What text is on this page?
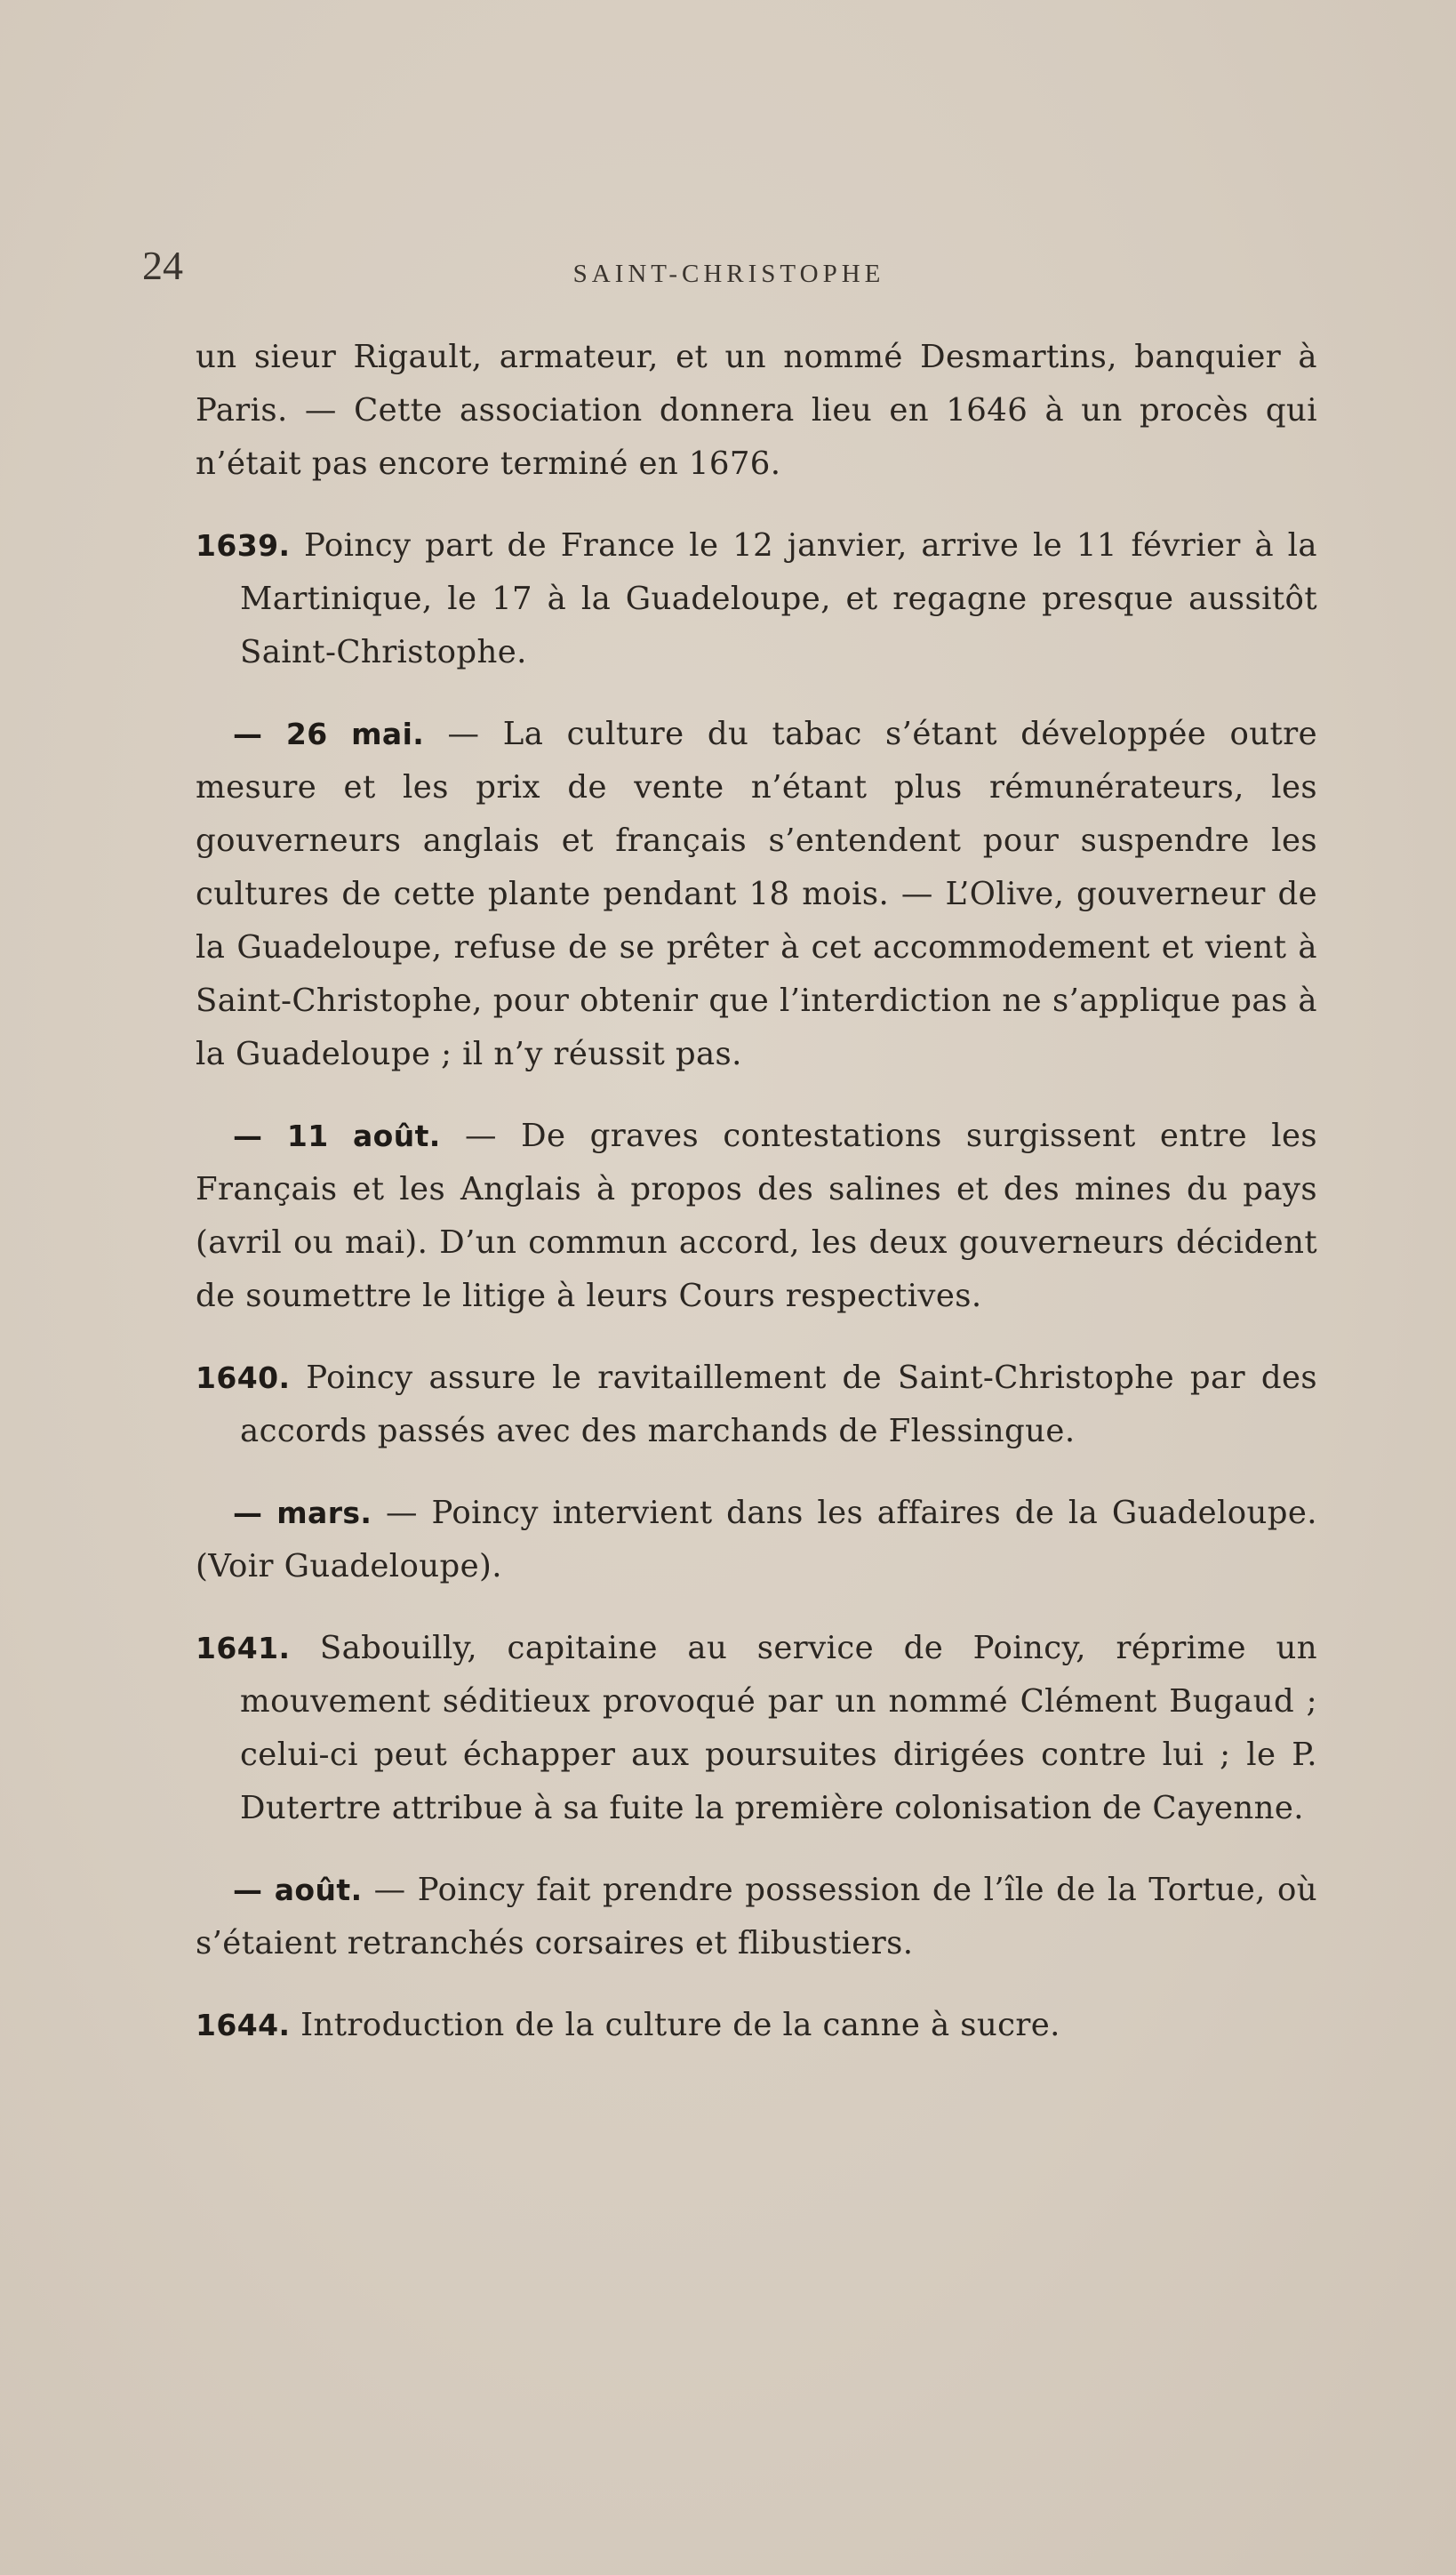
24	SAINT-CHRISTOPHE

un sieur Rigault, armateur, et un nommé Desmartins, banquier à Paris. — Cette association donnera lieu en 1646 à un procès qui n’était pas encore terminé en 1676.

1639. Poincy part de France le 12 janvier, arrive le 11 février à la Martinique, le 17 à la Guadeloupe, et regagne presque aussitôt Saint-Christophe.

— 26 mai. — La culture du tabac s’étant développée outre mesure et les prix de vente n’étant plus rémunérateurs, les gouverneurs anglais et français s’entendent pour suspendre les cultures de cette plante pendant 18 mois. — L’Olive, gouverneur de la Guadeloupe, refuse de se prêter à cet accommodement et vient à Saint-Christophe, pour obtenir que l’interdiction ne s’applique pas à la Guadeloupe ; il n’y réussit pas.

— 11 août. — De graves contestations surgissent entre les Français et les Anglais à propos des salines et des mines du pays (avril ou mai). D’un commun accord, les deux gouverneurs décident de soumettre le litige à leurs Cours respectives.

1640. Poincy assure le ravitaillement de Saint-Christophe par des accords passés avec des marchands de Flessingue.

— mars. — Poincy intervient dans les affaires de la Guadeloupe. (Voir Guadeloupe).

1641. Sabouilly, capitaine au service de Poincy, réprime un mouvement séditieux provoqué par un nommé Clément Bugaud ; celui-ci peut échapper aux poursuites dirigées contre lui ; le P. Dutertre attribue à sa fuite la première colonisation de Cayenne.

— août. — Poincy fait prendre possession de l’île de la Tortue, où s’étaient retranchés corsaires et flibustiers.

1644. Introduction de la culture de la canne à sucre.
